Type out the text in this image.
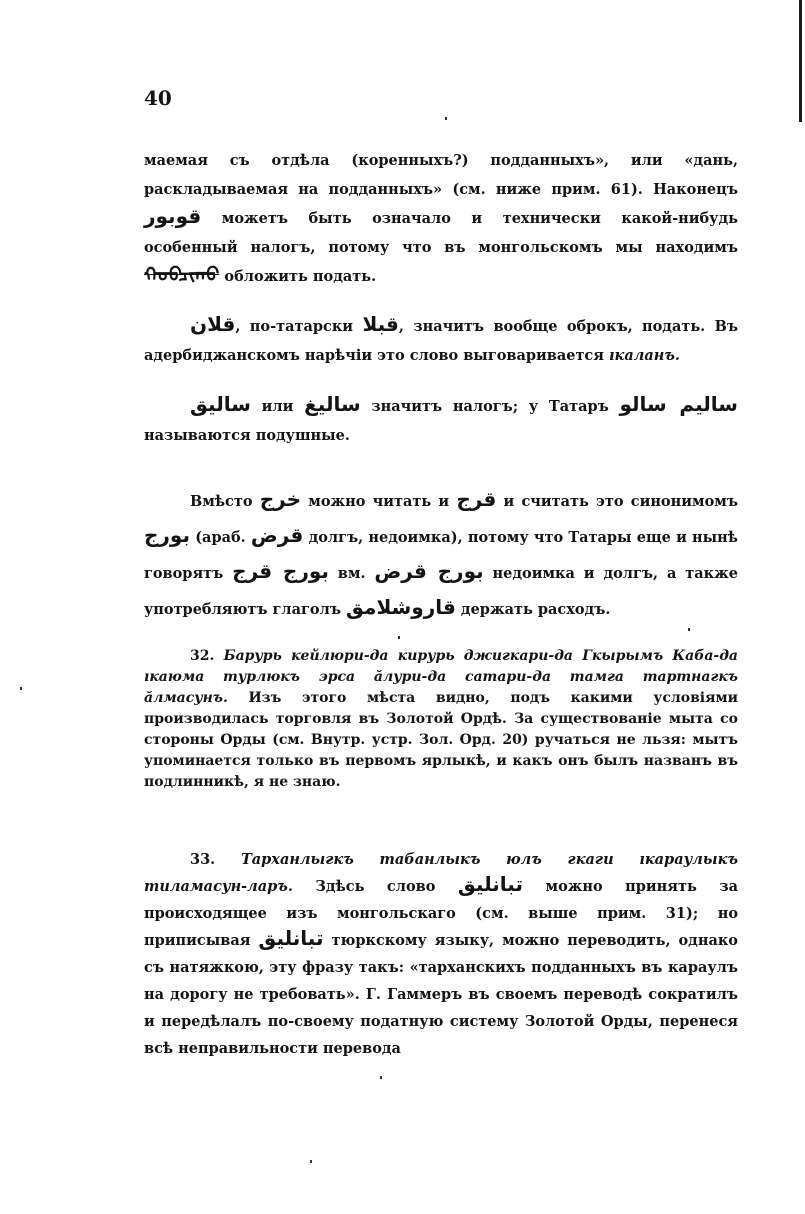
40

маемая съ отдѣла (коренныхъ?) подданныхъ», или «дань, раскладываемая на подданныхъ» (см. ниже прим. 61). Наконецъ قوبور можетъ быть означало и технически какой-нибудь особенный налогъ, потому что въ монгольскомъ мы находимъ ᠬᠣᠪᠴᠢᠬᠤ обложить подать.

قلان, по-татарски قبلا, значитъ вообще оброкъ, подать. Въ адербиджанскомъ нарѣчіи это слово выговаривается ıкаланъ.

ساليق или ساليغ значитъ налогъ; у Татаръ ساليم سالو называются подушные.

Вмѣсто خرج можно читать и قرج и считать это синонимомъ بورج (араб. قرض долгъ, недоимка), потому что Татары еще и нынѣ говорятъ بورج قرج вм. بورج قرض недоимка и долгъ, а также употребляютъ глаголъ قاروشلامق держать расходъ.

32. Барурь кейлюри-да кирурь джигкари-да Гкырымъ Каба-да ıкаюма турлюкъ эрса ӑлури-да сатари-да тамга тартнагкъ ӑлмасунъ. Изъ этого мѣста видно, подъ какими условіями производилась торговля въ Золотой Ордѣ. За существованіе мыта со стороны Орды (см. Внутр. устр. Зол. Орд. 20) ручаться не льзя: мытъ упоминается только въ первомъ ярлыкѣ, и какъ онъ былъ названъ въ подлинникѣ, я не знаю.

33. Тарханлыгкъ табанлыкъ юлъ гкаги ıкараулыкъ тиламасун-ларъ. Здѣсь слово تبانليق можно принять за происходящее изъ монгольскаго (см. выше прим. 31); но приписывая تبانليق тюркскому языку, можно переводить, однако съ натяжкою, эту фразу такъ: «тарханскихъ подданныхъ въ караулъ на дорогу не требовать». Г. Гаммеръ въ своемъ переводѣ сократилъ и передѣлалъ по-своему податную систему Золотой Орды, перенеся всѣ неправильности перевода
